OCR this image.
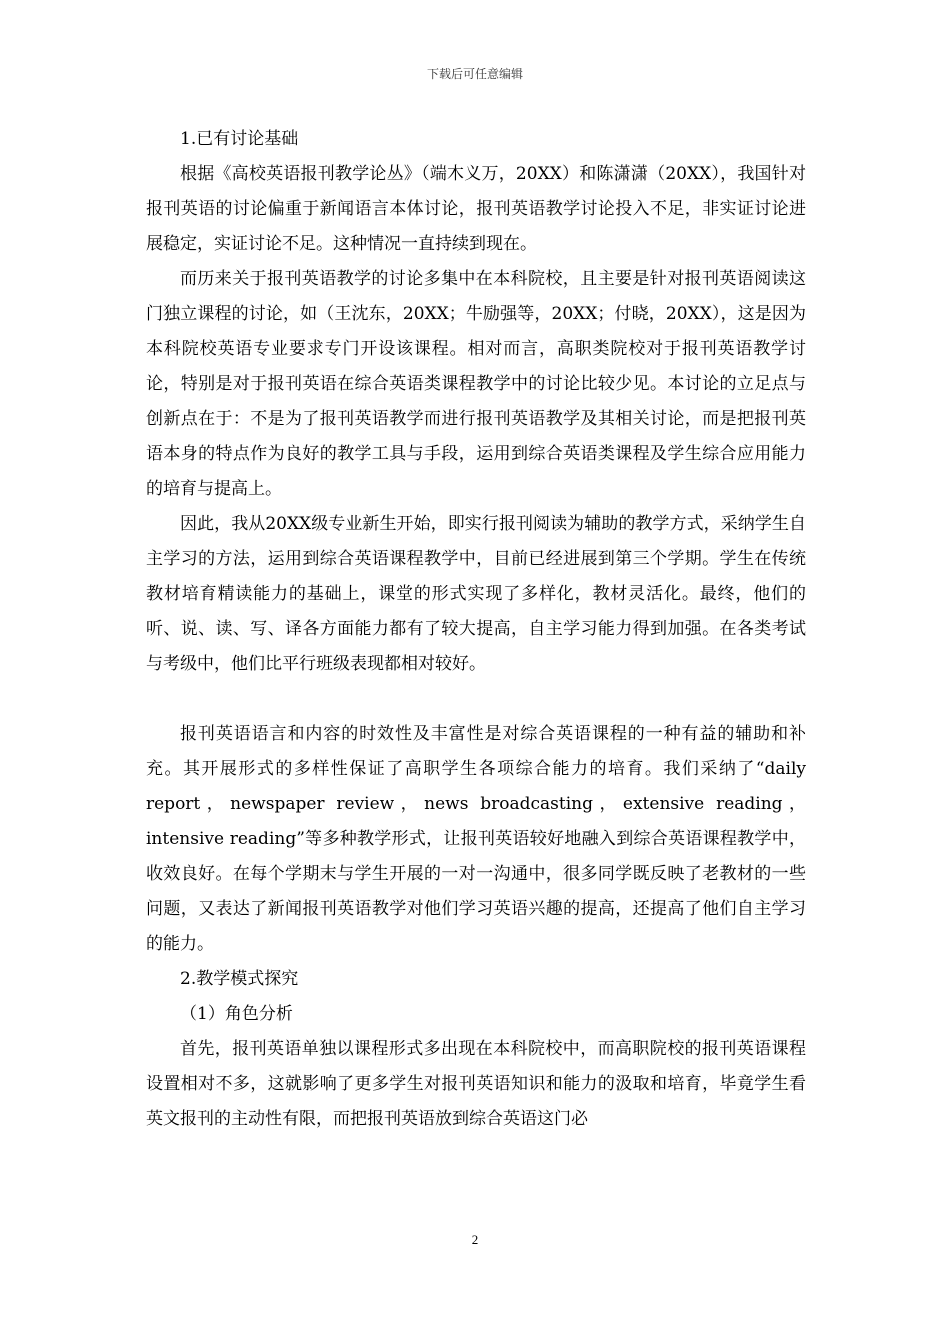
下载后可任意编辑

1.已有讨论基础

根据《高校英语报刊教学论丛》（端木义万，20XX）和陈潇潇（20XX），我国针对报刊英语的讨论偏重于新闻语言本体讨论，报刊英语教学讨论投入不足，非实证讨论进展稳定，实证讨论不足。这种情况一直持续到现在。

而历来关于报刊英语教学的讨论多集中在本科院校，且主要是针对报刊英语阅读这门独立课程的讨论，如（王沈东，20XX；牛励强等，20XX；付晓，20XX），这是因为本科院校英语专业要求专门开设该课程。相对而言，高职类院校对于报刊英语教学讨论，特别是对于报刊英语在综合英语类课程教学中的讨论比较少见。本讨论的立足点与创新点在于：不是为了报刊英语教学而进行报刊英语教学及其相关讨论，而是把报刊英语本身的特点作为良好的教学工具与手段，运用到综合英语类课程及学生综合应用能力的培育与提高上。

因此，我从20XX级专业新生开始，即实行报刊阅读为辅助的教学方式，采纳学生自主学习的方法，运用到综合英语课程教学中，目前已经进展到第三个学期。学生在传统教材培育精读能力的基础上，课堂的形式实现了多样化，教材灵活化。最终，他们的听、说、读、写、译各方面能力都有了较大提高，自主学习能力得到加强。在各类考试与考级中，他们比平行班级表现都相对较好。

报刊英语语言和内容的时效性及丰富性是对综合英语课程的一种有益的辅助和补充。其开展形式的多样性保证了高职学生各项综合能力的培育。我们采纳了“daily report，newspaper review，news broadcasting，extensive reading，intensive reading”等多种教学形式，让报刊英语较好地融入到综合英语课程教学中，收效良好。在每个学期末与学生开展的一对一沟通中，很多同学既反映了老教材的一些问题，又表达了新闻报刊英语教学对他们学习英语兴趣的提高，还提高了他们自主学习的能力。

2.教学模式探究

（1）角色分析

首先，报刊英语单独以课程形式多出现在本科院校中，而高职院校的报刊英语课程设置相对不多，这就影响了更多学生对报刊英语知识和能力的汲取和培育，毕竟学生看英文报刊的主动性有限，而把报刊英语放到综合英语这门必

2
